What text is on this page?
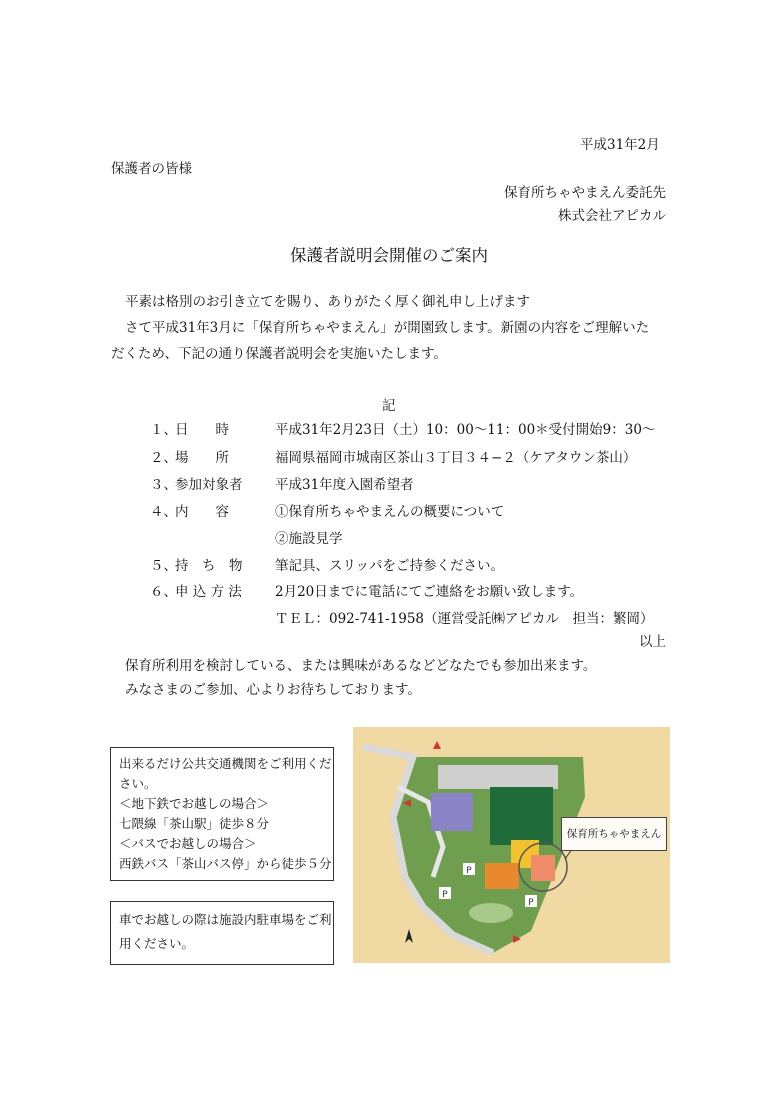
平成31年2月
保護者の皆様
保育所ちゃやまえん委託先
株式会社アピカル
保護者説明会開催のご案内
平素は格別のお引き立てを賜り、ありがたく厚く御礼申し上げます
さて平成31年3月に「保育所ちゃやまえん」が開園致します。新園の内容をご理解いた
だくため、下記の通り保護者説明会を実施いたします。
記
１、
日　　時	平成31年2月23日（土）10：00〜11：00＊受付開始9：30〜
２、
場　　所	福岡県福岡市城南区茶山３丁目３４−２（ケアタウン茶山）
３、
参加対象者 平成31年度入園希望者
４、
内　　容	①保育所ちゃやまえんの概要について
②施設見学
５、
持　ち　物 筆記具、スリッパをご持参ください。
６、
申 込 方 法 2月20日までに電話にてご連絡をお願い致します。
ＴＥＬ：092-741-1958（運営受託㈱アピカル　担当：繁岡）
以上
保育所利用を検討している、または興味があるなどどなたでも参加出来ます。
みなさまのご参加、心よりお待ちしております。
出来るだけ公共交通機関をご利用くだ
さい。
＜地下鉄でお越しの場合＞
七隈線「茶山駅」徒歩８分
＜バスでお越しの場合＞
西鉄バス「茶山バス停」から徒歩５分
車でお越しの際は施設内駐車場をご利
用ください。
P
P
P
保育所ちゃやまえん
